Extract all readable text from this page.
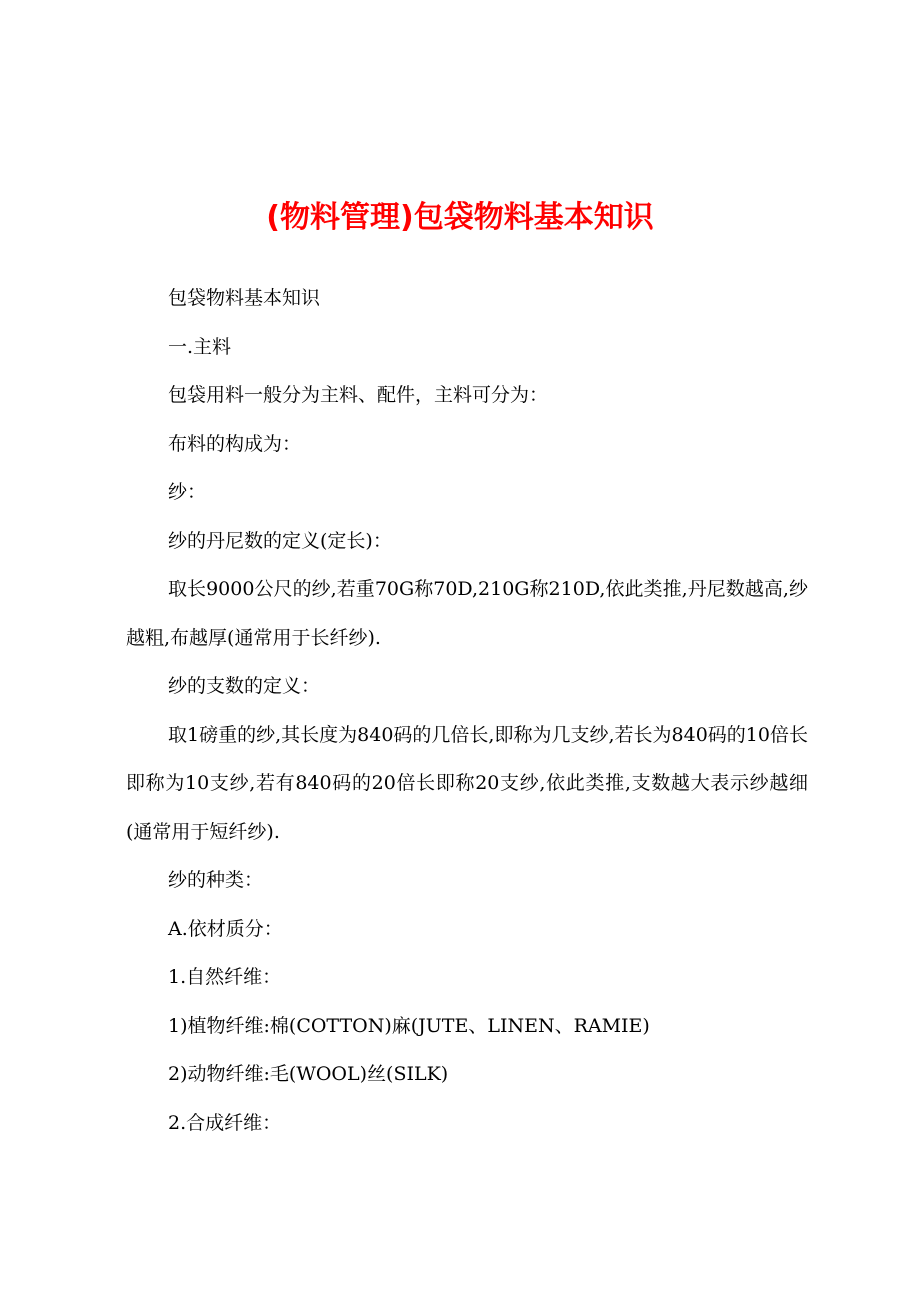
(物料管理)包袋物料基本知识

包袋物料基本知识

一.主料

包袋用料一般分为主料、配件，主料可分为：

布料的构成为：

纱：

纱的丹尼数的定义(定长)：

取长9000公尺的纱,若重70G称70D,210G称210D,依此类推,丹尼数越高,纱越粗,布越厚(通常用于长纤纱).

纱的支数的定义：

取1磅重的纱,其长度为840码的几倍长,即称为几支纱,若长为840码的10倍长即称为10支纱,若有840码的20倍长即称20支纱,依此类推,支数越大表示纱越细(通常用于短纤纱).

纱的种类：

A.依材质分：

1.自然纤维：

1)植物纤维:棉(COTTON)麻(JUTE、LINEN、RAMIE)

2)动物纤维:毛(WOOL)丝(SILK)

2.合成纤维：
